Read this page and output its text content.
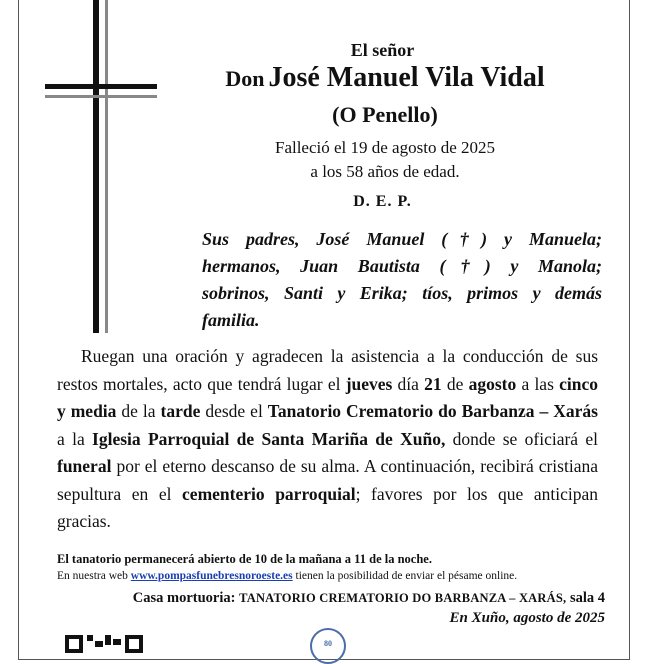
El señor
Don José Manuel Vila Vidal
(O Penello)
Falleció el 19 de agosto de 2025
a los 58 años de edad.
D. E. P.

Sus padres, José Manuel (†) y Manuela;

hermanos, Juan Bautista (†) y Manola;

sobrinos, Santi y Erika; tíos, primos y demás

familia.

Ruegan una oración y agradecen la asistencia a la conducción de sus restos mortales, acto que tendrá lugar el jueves día 21 de agosto a las cinco y media de la tarde desde el Tanatorio Crematorio do Barbanza – Xarás a la Iglesia Parroquial de Santa Mariña de Xuño, donde se oficiará el funeral por el eterno descanso de su alma. A continuación, recibirá cristiana sepultura en el cementerio parroquial; favores por los que anticipan gracias.
El tanatorio permanecerá abierto de 10 de la mañana a 11 de la noche.
En nuestra web www.pompasfunebresnoroeste.es tienen la posibilidad de enviar el pésame online.
Casa mortuoria: TANATORIO CREMATORIO DO BARBANZA – XARÁS, sala 4
En Xuño, agosto de 2025
80
